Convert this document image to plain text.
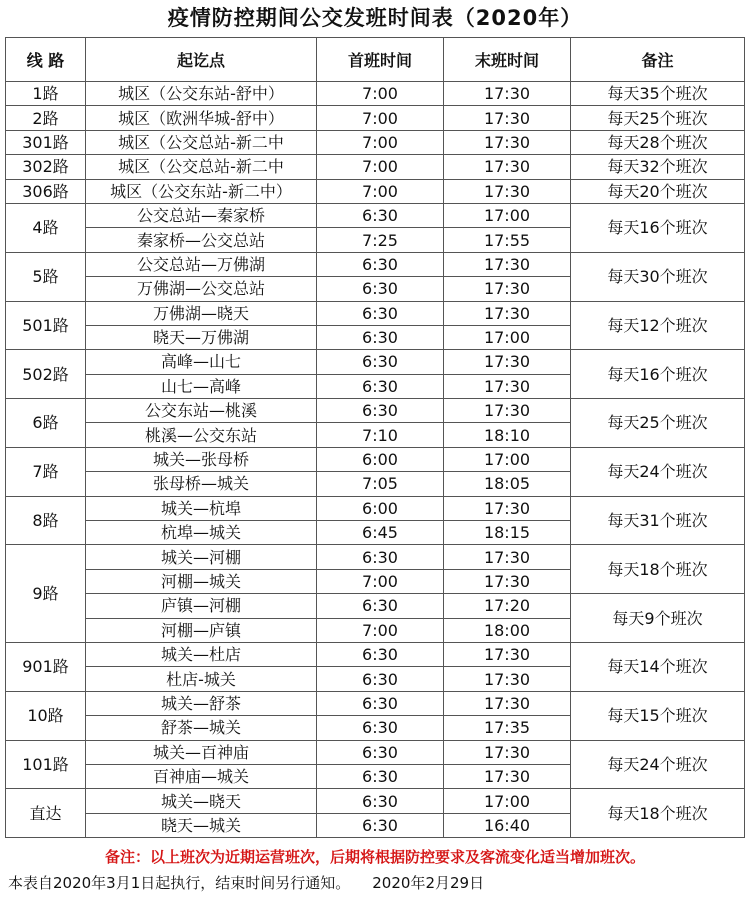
疫情防控期间公交发班时间表（2020年）
线 路	起讫点	首班时间	末班时间	备注
1路	城区（公交东站-舒中）	7:00	17:30	每天35个班次
2路	城区（欧洲华城-舒中）	7:00	17:30	每天25个班次
301路	城区（公交总站-新二中	7:00	17:30	每天28个班次
302路	城区（公交总站-新二中	7:00	17:30	每天32个班次
306路	城区（公交东站-新二中）	7:00	17:30	每天20个班次
4路	公交总站—秦家桥	6:30	17:00	每天16个班次
	秦家桥—公交总站	7:25	17:55	
5路	公交总站—万佛湖	6:30	17:30	每天30个班次
	万佛湖—公交总站	6:30	17:30	
501路	万佛湖—晓天	6:30	17:30	每天12个班次
	晓天—万佛湖	6:30	17:00	
502路	高峰—山七	6:30	17:30	每天16个班次
	山七—高峰	6:30	17:30	
6路	公交东站—桃溪	6:30	17:30	每天25个班次
	桃溪—公交东站	7:10	18:10	
7路	城关—张母桥	6:00	17:00	每天24个班次
	张母桥—城关	7:05	18:05	
8路	城关—杭埠	6:00	17:30	每天31个班次
	杭埠—城关	6:45	18:15	
9路	城关—河棚	6:30	17:30	每天18个班次
	河棚—城关	7:00	17:30	
	庐镇—河棚	6:30	17:20	每天9个班次
	河棚—庐镇	7:00	18:00	
901路	城关—杜店	6:30	17:30	每天14个班次
	杜店-城关	6:30	17:30	
10路	城关—舒茶	6:30	17:30	每天15个班次
	舒茶—城关	6:30	17:35	
101路	城关—百神庙	6:30	17:30	每天24个班次
	百神庙—城关	6:30	17:30	
直达	城关—晓天	6:30	17:00	每天18个班次
	晓天—城关	6:30	16:40	
备注：以上班次为近期运营班次，后期将根据防控要求及客流变化适当增加班次。
本表自2020年3月1日起执行，结束时间另行通知。 2020年2月29日
